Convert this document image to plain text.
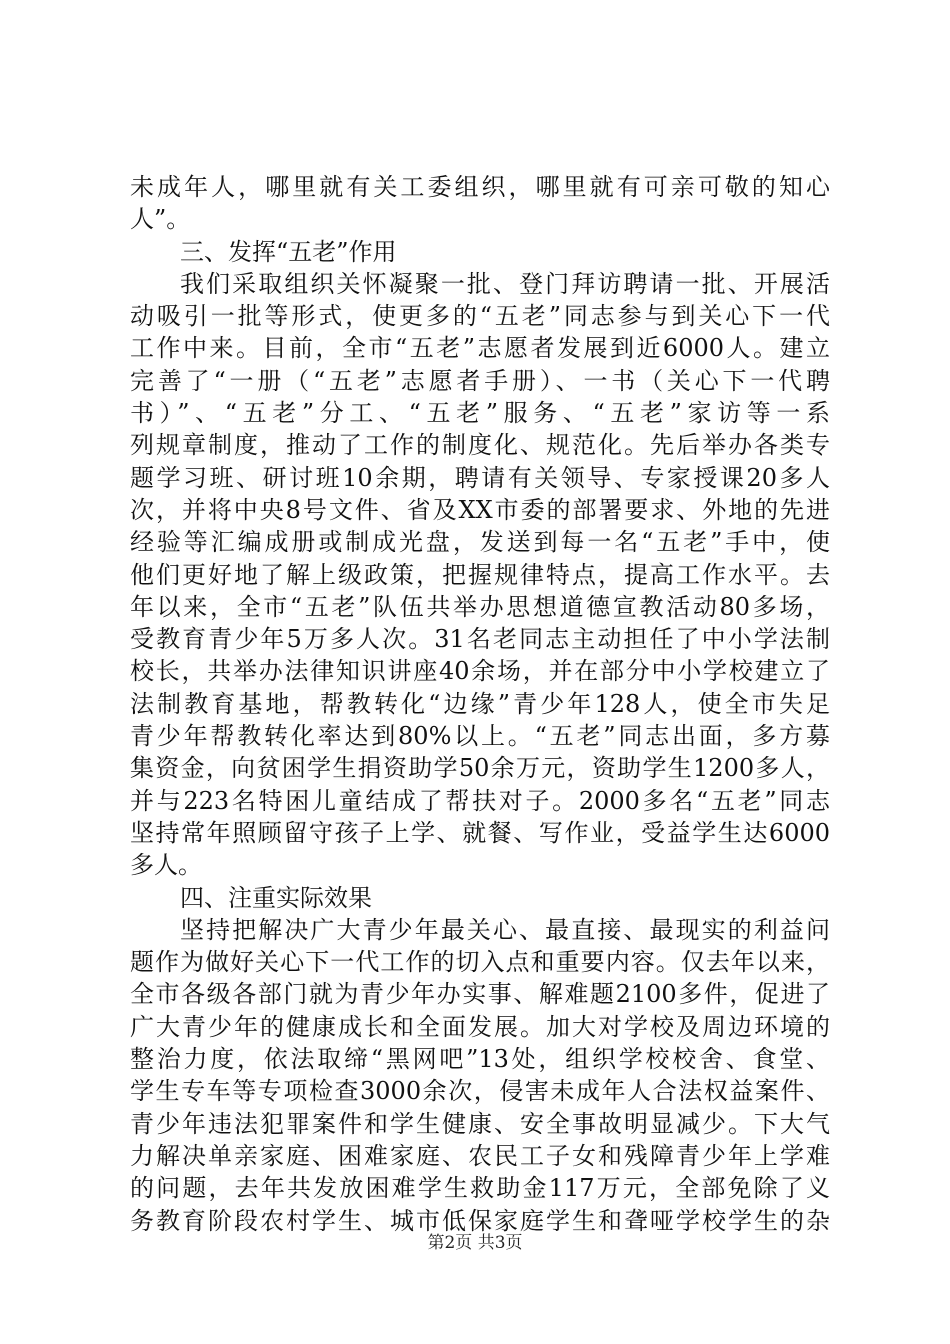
未成年人，哪里就有关工委组织，哪里就有可亲可敬的知心
人”。
三、发挥“五老”作用
我们采取组织关怀凝聚一批、登门拜访聘请一批、开展活
动吸引一批等形式，使更多的“五老”同志参与到关心下一代
工作中来。目前，全市“五老”志愿者发展到近6000人。建立
完善了“一册（“五老”志愿者手册）、一书（关心下一代聘
书）”、“五老”分工、“五老”服务、“五老”家访等一系
列规章制度，推动了工作的制度化、规范化。先后举办各类专
题学习班、研讨班10余期，聘请有关领导、专家授课20多人
次，并将中央8号文件、省及XX市委的部署要求、外地的先进
经验等汇编成册或制成光盘，发送到每一名“五老”手中，使
他们更好地了解上级政策，把握规律特点，提高工作水平。去
年以来，全市“五老”队伍共举办思想道德宣教活动80多场，
受教育青少年5万多人次。31名老同志主动担任了中小学法制
校长，共举办法律知识讲座40余场，并在部分中小学校建立了
法制教育基地，帮教转化“边缘”青少年128人，使全市失足
青少年帮教转化率达到80%以上。“五老”同志出面，多方募
集资金，向贫困学生捐资助学50余万元，资助学生1200多人，
并与223名特困儿童结成了帮扶对子。2000多名“五老”同志
坚持常年照顾留守孩子上学、就餐、写作业，受益学生达6000
多人。
四、注重实际效果
坚持把解决广大青少年最关心、最直接、最现实的利益问
题作为做好关心下一代工作的切入点和重要内容。仅去年以来，
全市各级各部门就为青少年办实事、解难题2100多件，促进了
广大青少年的健康成长和全面发展。加大对学校及周边环境的
整治力度，依法取缔“黑网吧”13处，组织学校校舍、食堂、
学生专车等专项检查3000余次，侵害未成年人合法权益案件、
青少年违法犯罪案件和学生健康、安全事故明显减少。下大气
力解决单亲家庭、困难家庭、农民工子女和残障青少年上学难
的问题，去年共发放困难学生救助金117万元，全部免除了义
务教育阶段农村学生、城市低保家庭学生和聋哑学校学生的杂
第2页 共3页
